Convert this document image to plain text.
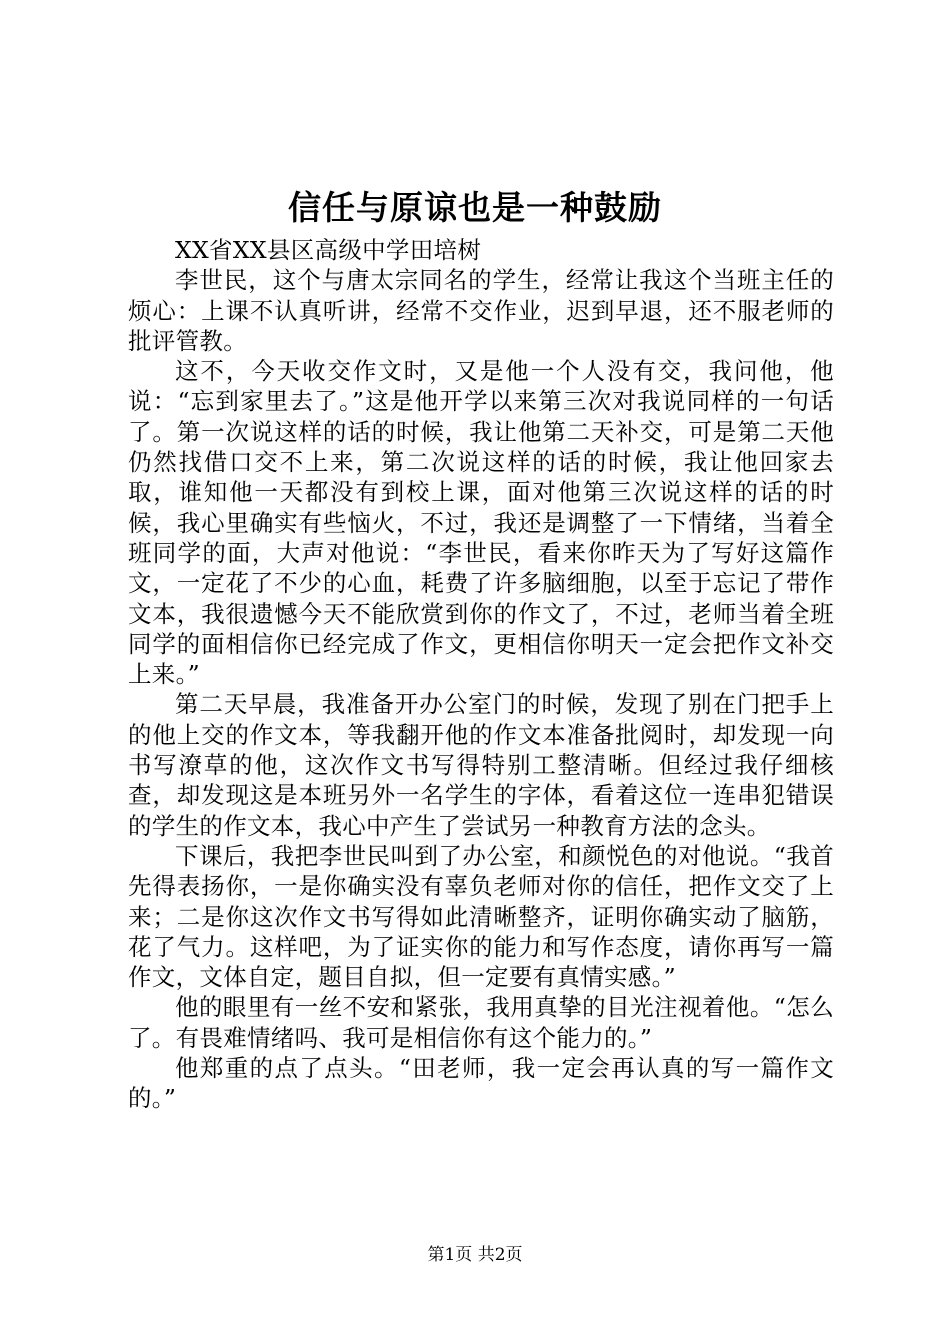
信任与原谅也是一种鼓励

XX省XX县区高级中学田培树

李世民，这个与唐太宗同名的学生，经常让我这个当班主任的烦心：上课不认真听讲，经常不交作业，迟到早退，还不服老师的批评管教。

这不，今天收交作文时，又是他一个人没有交，我问他，他说：“忘到家里去了。”这是他开学以来第三次对我说同样的一句话了。第一次说这样的话的时候，我让他第二天补交，可是第二天他仍然找借口交不上来，第二次说这样的话的时候，我让他回家去取，谁知他一天都没有到校上课，面对他第三次说这样的话的时候，我心里确实有些恼火，不过，我还是调整了一下情绪，当着全班同学的面，大声对他说：“李世民，看来你昨天为了写好这篇作文，一定花了不少的心血，耗费了许多脑细胞，以至于忘记了带作文本，我很遗憾今天不能欣赏到你的作文了，不过，老师当着全班同学的面相信你已经完成了作文，更相信你明天一定会把作文补交上来。”

第二天早晨，我准备开办公室门的时候，发现了别在门把手上的他上交的作文本，等我翻开他的作文本准备批阅时，却发现一向书写潦草的他，这次作文书写得特别工整清晰。但经过我仔细核查，却发现这是本班另外一名学生的字体，看着这位一连串犯错误的学生的作文本，我心中产生了尝试另一种教育方法的念头。

下课后，我把李世民叫到了办公室，和颜悦色的对他说。“我首先得表扬你，一是你确实没有辜负老师对你的信任，把作文交了上来；二是你这次作文书写得如此清晰整齐，证明你确实动了脑筋，花了气力。这样吧，为了证实你的能力和写作态度，请你再写一篇作文，文体自定，题目自拟，但一定要有真情实感。”

他的眼里有一丝不安和紧张，我用真挚的目光注视着他。“怎么了。有畏难情绪吗、我可是相信你有这个能力的。”

他郑重的点了点头。“田老师，我一定会再认真的写一篇作文的。”

第1页 共2页
